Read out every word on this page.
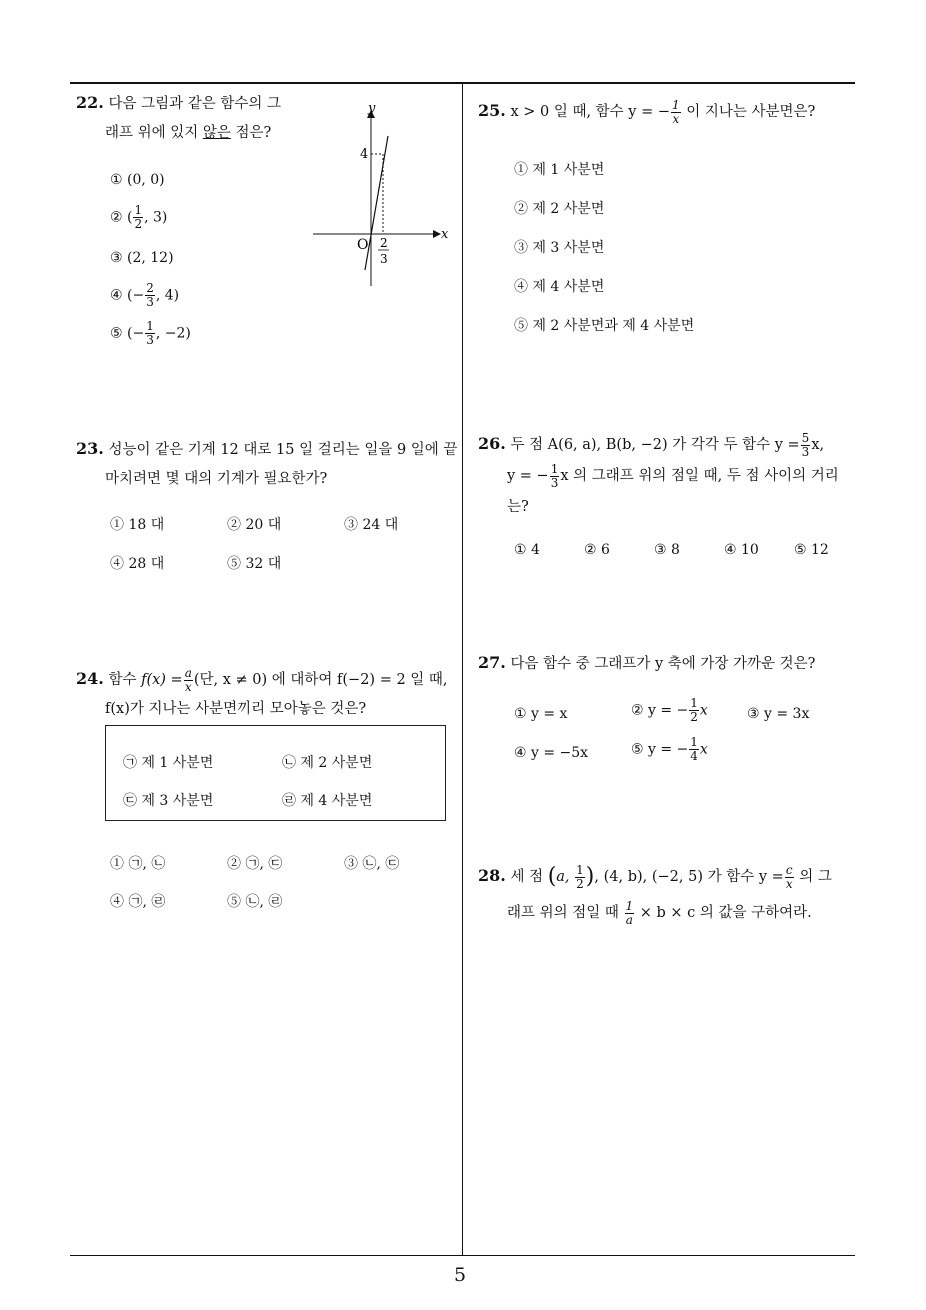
5
22. 다음 그림과 같은 함수의 그
래프 위에 있지 않은 점은?
① (0, 0)
② ( $\frac{1}{2}$ , 3)
③ (2, 12)
④ (− $\frac{2}{3}$ , 4)
⑤ (− $\frac{1}{3}$ , −2)
y
x
O
4
2
3
23. 성능이 같은 기계 12 대로 15 일 걸리는 일을 9 일에 끝
마치려면 몇 대의 기계가 필요한가?
① 18 대	② 20 대	③ 24 대
④ 28 대	⑤ 32 대
24. 함수 $f(x) = \frac{a}{x}$ (단, x ≠ 0) 에 대하여 f(−2) = 2 일 때,
f(x)가 지나는 사분면끼리 모아놓은 것은?
㉠ 제 1 사분면	㉡ 제 2 사분면
㉢ 제 3 사분면	㉣ 제 4 사분면
① ㉠, ㉡	② ㉠, ㉢	③ ㉡, ㉢
④ ㉠, ㉣	⑤ ㉡, ㉣
25. x > 0 일 때, 함수 y = − $\frac{1}{x}$ 이 지나는 사분면은?
① 제 1 사분면
② 제 2 사분면
③ 제 3 사분면
④ 제 4 사분면
⑤ 제 2 사분면과 제 4 사분면
26. 두 점 A(6, a), B(b, −2) 가 각각 두 함수 $y = \frac{5}{3} x$,
y = − $\frac{1}{3}$ x 의 그래프 위의 점일 때, 두 점 사이의 거리
는?
① 4	② 6	③ 8	④ 10	⑤ 12
27. 다음 함수 중 그래프가 y 축에 가장 가까운 것은?
① y = x	② y = − $\frac{1}{2}$ x	③ y = 3x
④ y = −5x	⑤ y = − $\frac{1}{4}$ x
28. 세 점 (a, $\frac{1}{2}$ ), (4, b), (−2, 5) 가 함수 $y = \frac{c}{x}$ 의 그
래프 위의 점일 때 $\frac{1}{a} \times b \times c$ 의 값을 구하여라.
